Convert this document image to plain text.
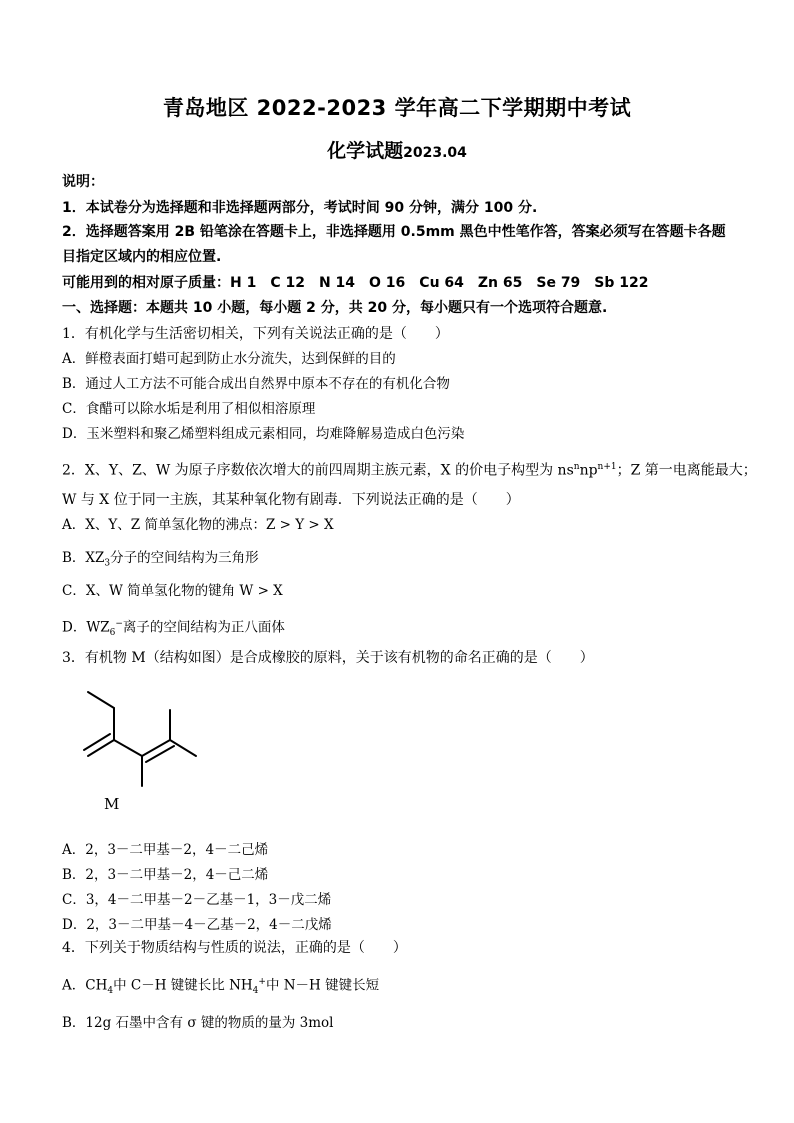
青岛地区 2022-2023 学年高二下学期期中考试
化学试题2023.04
说明：
1．本试卷分为选择题和非选择题两部分，考试时间 90 分钟，满分 100 分.
2．选择题答案用 2B 铅笔涂在答题卡上，非选择题用 0.5mm 黑色中性笔作答，答案必须写在答题卡各题目指定区域内的相应位置.
可能用到的相对原子质量：H 1　C 12　N 14　O 16　Cu 64　Zn 65　Se 79　Sb 122
一、选择题：本题共 10 小题，每小题 2 分，共 20 分，每小题只有一个选项符合题意.
1．有机化学与生活密切相关，下列有关说法正确的是（　　）
A．鲜橙表面打蜡可起到防止水分流失，达到保鲜的目的
B．通过人工方法不可能合成出自然界中原本不存在的有机化合物
C．食醋可以除水垢是利用了相似相溶原理
D．玉米塑料和聚乙烯塑料组成元素相同，均难降解易造成白色污染
2．X、Y、Z、W 为原子序数依次增大的前四周期主族元素，X 的价电子构型为 $ns^nnp^{n+1}$；Z 第一电离能最大；
W 与 X 位于同一主族，其某种氧化物有剧毒．下列说法正确的是（　　）
A．X、Y、Z 简单氢化物的沸点：Z > Y > X
B．$XZ_3$分子的空间结构为三角形
C．X、W 简单氢化物的键角 W > X
D．$WZ_6^-$离子的空间结构为正八面体
3．有机物 M（结构如图）是合成橡胶的原料，关于该有机物的命名正确的是（　　）
M
A．2，3－二甲基－2，4－二己烯
B．2，3－二甲基－2，4－己二烯
C．3，4－二甲基－2－乙基－1，3－戊二烯
D．2，3－二甲基－4－乙基－2，4－二戊烯
4．下列关于物质结构与性质的说法，正确的是（　　）
A．$CH_4$中 C－H 键键长比 $NH_4^+$中 N－H 键键长短
B．12g 石墨中含有 σ 键的物质的量为 3mol
